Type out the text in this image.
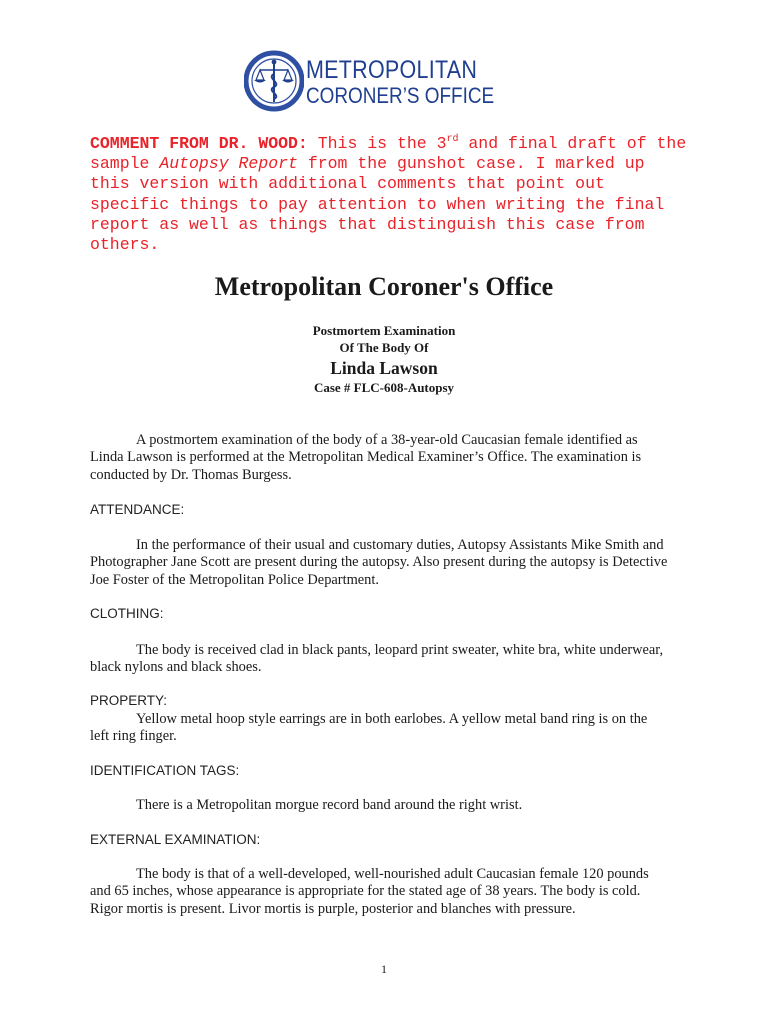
METROPOLITAN
CORONER’S OFFICE

COMMENT FROM DR. WOOD: This is the 3rd and final draft of the sample Autopsy Report from the gunshot case. I marked up this version with additional comments that point out specific things to pay attention to when writing the final report as well as things that distinguish this case from others.

Metropolitan Coroner's Office

Postmortem Examination

Of The Body Of

Linda Lawson

Case # FLC-608-Autopsy

A postmortem examination of the body of a 38-year-old Caucasian female identified as Linda Lawson is performed at the Metropolitan Medical Examiner’s Office. The examination is conducted by Dr. Thomas Burgess.

ATTENDANCE:

In the performance of their usual and customary duties, Autopsy Assistants Mike Smith and Photographer Jane Scott are present during the autopsy. Also present during the autopsy is Detective Joe Foster of the Metropolitan Police Department.

CLOTHING:

The body is received clad in black pants, leopard print sweater, white bra, white underwear, black nylons and black shoes.

PROPERTY:

Yellow metal hoop style earrings are in both earlobes. A yellow metal band ring is on the left ring finger.

IDENTIFICATION TAGS:

There is a Metropolitan morgue record band around the right wrist.

EXTERNAL EXAMINATION:

The body is that of a well-developed, well-nourished adult Caucasian female 120 pounds and 65 inches, whose appearance is appropriate for the stated age of 38 years. The body is cold. Rigor mortis is present. Livor mortis is purple, posterior and blanches with pressure.

1
